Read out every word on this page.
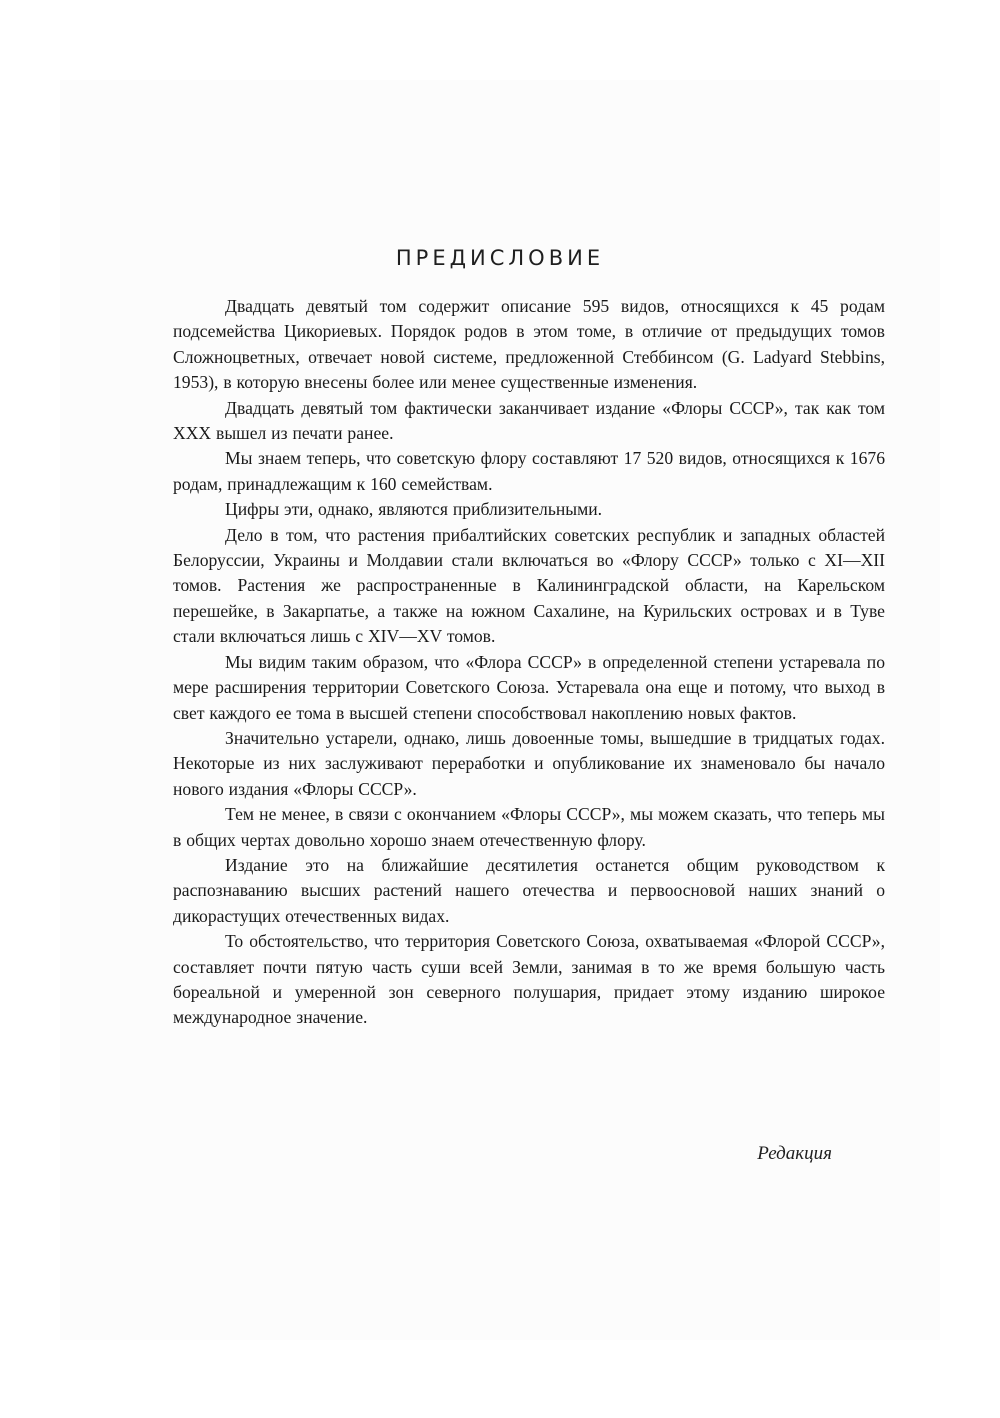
ПРЕДИСЛОВИЕ

Двадцать девятый том содержит описание 595 видов, относящихся к 45 родам подсемейства Цикориевых. Порядок родов в этом томе, в отличие от предыдущих томов Сложноцветных, отвечает новой системе, предложенной Стеббинсом (G. Ladyard Stebbins, 1953), в которую внесены более или менее существенные изменения.

Двадцать девятый том фактически заканчивает издание «Флоры СССР», так как том XXX вышел из печати ранее.

Мы знаем теперь, что советскую флору составляют 17 520 видов, относящихся к 1676 родам, принадлежащим к 160 семействам.

Цифры эти, однако, являются приблизительными.

Дело в том, что растения прибалтийских советских республик и западных областей Белоруссии, Украины и Молдавии стали включаться во «Флору СССР» только с XI—XII томов. Растения же распространенные в Калининградской области, на Карельском перешейке, в Закарпатье, а также на южном Сахалине, на Курильских островах и в Туве стали включаться лишь с XIV—XV томов.

Мы видим таким образом, что «Флора СССР» в определенной степени устаревала по мере расширения территории Советского Союза. Устаревала она еще и потому, что выход в свет каждого ее тома в высшей степени способствовал накоплению новых фактов.

Значительно устарели, однако, лишь довоенные томы, вышедшие в тридцатых годах. Некоторые из них заслуживают переработки и опубликование их знаменовало бы начало нового издания «Флоры СССР».

Тем не менее, в связи с окончанием «Флоры СССР», мы можем сказать, что теперь мы в общих чертах довольно хорошо знаем отечественную флору.

Издание это на ближайшие десятилетия останется общим руководством к распознаванию высших растений нашего отечества и первоосновой наших знаний о дикорастущих отечественных видах.

То обстоятельство, что территория Советского Союза, охватываемая «Флорой СССР», составляет почти пятую часть суши всей Земли, занимая в то же время большую часть бореальной и умеренной зон северного полушария, придает этому изданию широкое международное значение.

Редакция
